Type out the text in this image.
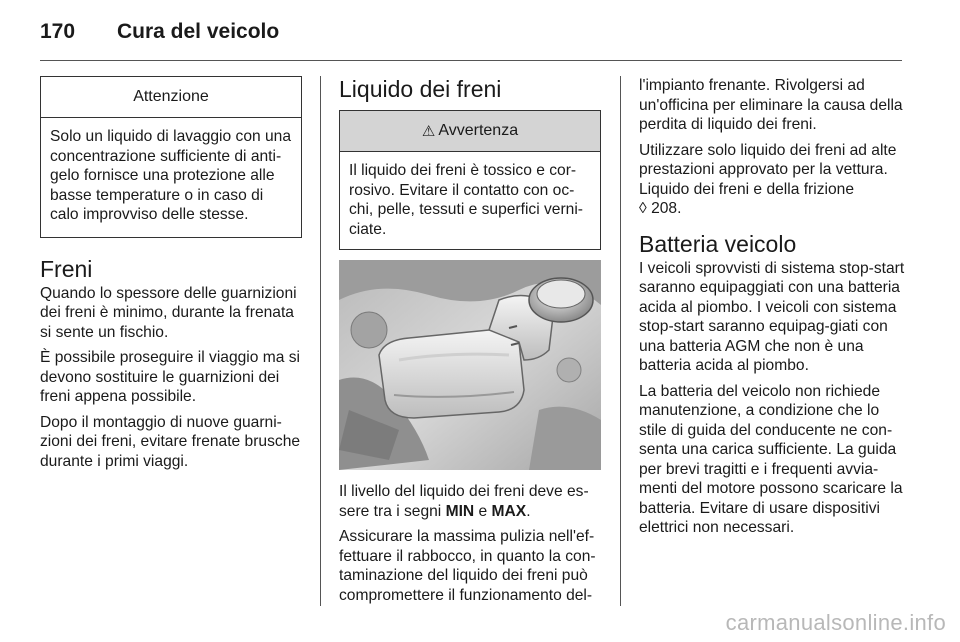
170 Cura del veicolo
Attenzione
Solo un liquido di lavaggio con una concentrazione sufficiente di anti-gelo fornisce una protezione alle basse temperature o in caso di calo improvviso delle stesse.
Freni

Quando lo spessore delle guarnizioni dei freni è minimo, durante la frenata si sente un fischio.

È possibile proseguire il viaggio ma si devono sostituire le guarnizioni dei freni appena possibile.

Dopo il montaggio di nuove guarni-zioni dei freni, evitare frenate brusche durante i primi viaggi.

Liquido dei freni
⚠ Avvertenza
Il liquido dei freni è tossico e cor-rosivo. Evitare il contatto con oc-chi, pelle, tessuti e superfici verni-ciate.

Il livello del liquido dei freni deve es-sere tra i segni MIN e MAX.

Assicurare la massima pulizia nell'ef-fettuare il rabbocco, in quanto la con-taminazione del liquido dei freni può compromettere il funzionamento del-

l'impianto frenante. Rivolgersi ad un'officina per eliminare la causa della perdita di liquido dei freni.

Utilizzare solo liquido dei freni ad alte prestazioni approvato per la vettura. Liquido dei freni e della frizione
◊ 208.

Batteria veicolo

I veicoli sprovvisti di sistema stop-start saranno equipaggiati con una batteria acida al piombo. I veicoli con sistema stop-start saranno equipag-giati con una batteria AGM che non è una batteria acida al piombo.

La batteria del veicolo non richiede manutenzione, a condizione che lo stile di guida del conducente ne con-senta una carica sufficiente. La guida per brevi tragitti e i frequenti avvia-menti del motore possono scaricare la batteria. Evitare di usare dispositivi elettrici non necessari.

carmanualsonline.info
